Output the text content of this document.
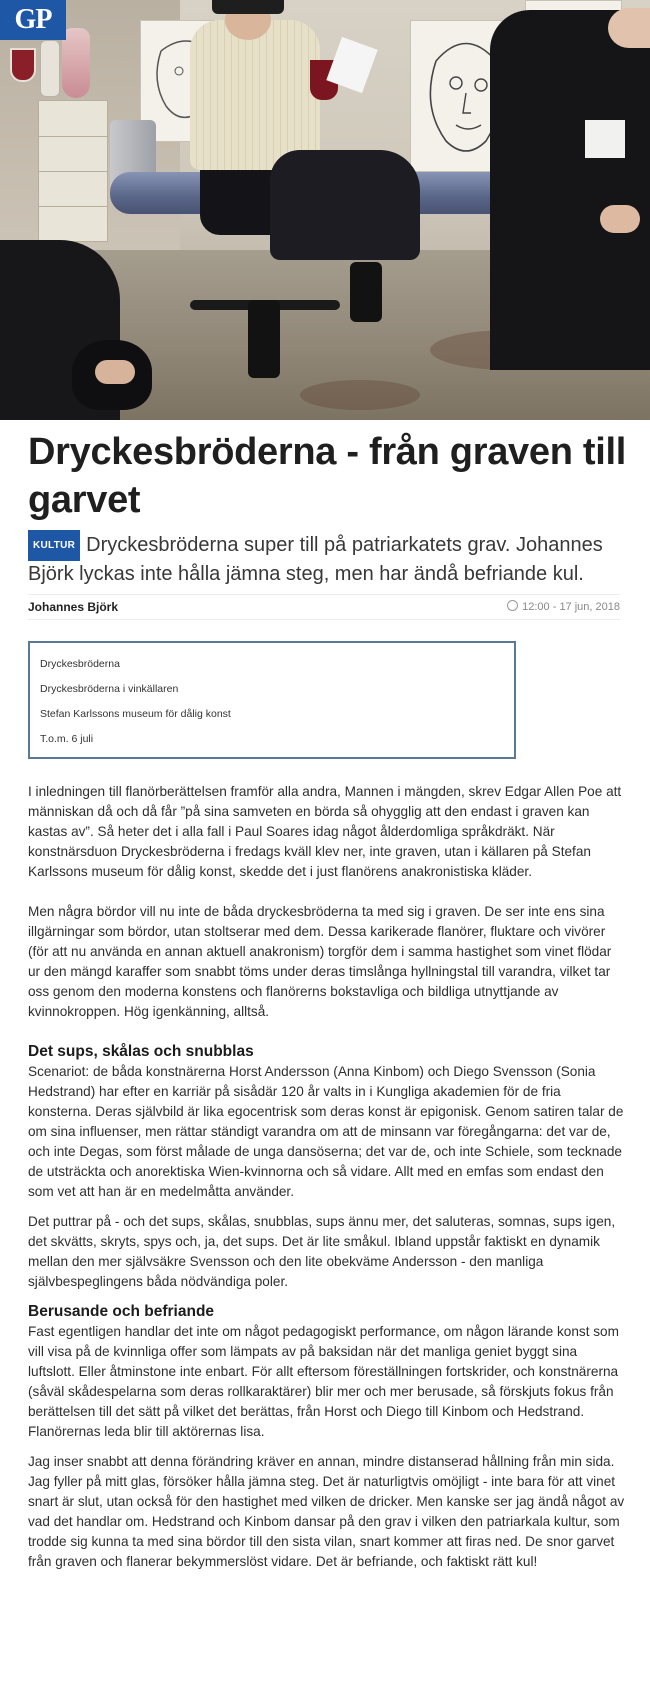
GP
Dryckesbröderna - från graven till garvet
KULTUR Dryckesbröderna super till på patriarkatets grav. Johannes Björk lyckas inte hålla jämna steg, men har ändå befriande kul.
Johannes Björk	12:00 - 17 jun, 2018
Dryckesbröderna
Dryckesbröderna i vinkällaren
Stefan Karlssons museum för dålig konst
T.o.m. 6 juli

I inledningen till flanörberättelsen framför alla andra, Mannen i mängden, skrev Edgar Allen Poe att människan då och då får ”på sina samveten en börda så ohygglig att den endast i graven kan kastas av”. Så heter det i alla fall i Paul Soares idag något ålderdomliga språkdräkt. När konstnärsduon Dryckesbröderna i fredags kväll klev ner, inte graven, utan i källaren på Stefan Karlssons museum för dålig konst, skedde det i just flanörens anakronistiska kläder.

Men några bördor vill nu inte de båda dryckesbröderna ta med sig i graven. De ser inte ens sina illgärningar som bördor, utan stoltserar med dem. Dessa karikerade flanörer, fluktare och vivörer (för att nu använda en annan aktuell anakronism) torgför dem i samma hastighet som vinet flödar ur den mängd karaffer som snabbt töms under deras timslånga hyllningstal till varandra, vilket tar oss genom den moderna konstens och flanörerns bokstavliga och bildliga utnyttjande av kvinnokroppen. Hög igenkänning, alltså.

Det sups, skålas och snubblas

Scenariot: de båda konstnärerna Horst Andersson (Anna Kinbom) och Diego Svensson (Sonia Hedstrand) har efter en karriär på sisådär 120 år valts in i Kungliga akademien för de fria konsterna. Deras självbild är lika egocentrisk som deras konst är epigonisk. Genom satiren talar de om sina influenser, men rättar ständigt varandra om att de minsann var föregångarna: det var de, och inte Degas, som först målade de unga dansöserna; det var de, och inte Schiele, som tecknade de utsträckta och anorektiska Wien-kvinnorna och så vidare. Allt med en emfas som endast den som vet att han är en medelmåtta använder.

Det puttrar på - och det sups, skålas, snubblas, sups ännu mer, det saluteras, somnas, sups igen, det skvätts, skryts, spys och, ja, det sups. Det är lite småkul. Ibland uppstår faktiskt en dynamik mellan den mer självsäkre Svensson och den lite obekväme Andersson - den manliga självbespeglingens båda nödvändiga poler.

Berusande och befriande

Fast egentligen handlar det inte om något pedagogiskt performance, om någon lärande konst som vill visa på de kvinnliga offer som lämpats av på baksidan när det manliga geniet byggt sina luftslott. Eller åtminstone inte enbart. För allt eftersom föreställningen fortskrider, och konstnärerna (såväl skådespelarna som deras rollkaraktärer) blir mer och mer berusade, så förskjuts fokus från berättelsen till det sätt på vilket det berättas, från Horst och Diego till Kinbom och Hedstrand. Flanörernas leda blir till aktörernas lisa.

Jag inser snabbt att denna förändring kräver en annan, mindre distanserad hållning från min sida. Jag fyller på mitt glas, försöker hålla jämna steg. Det är naturligtvis omöjligt - inte bara för att vinet snart är slut, utan också för den hastighet med vilken de dricker. Men kanske ser jag ändå något av vad det handlar om. Hedstrand och Kinbom dansar på den grav i vilken den patriarkala kultur, som trodde sig kunna ta med sina bördor till den sista vilan, snart kommer att firas ned. De snor garvet från graven och flanerar bekymmerslöst vidare. Det är befriande, och faktiskt rätt kul!
